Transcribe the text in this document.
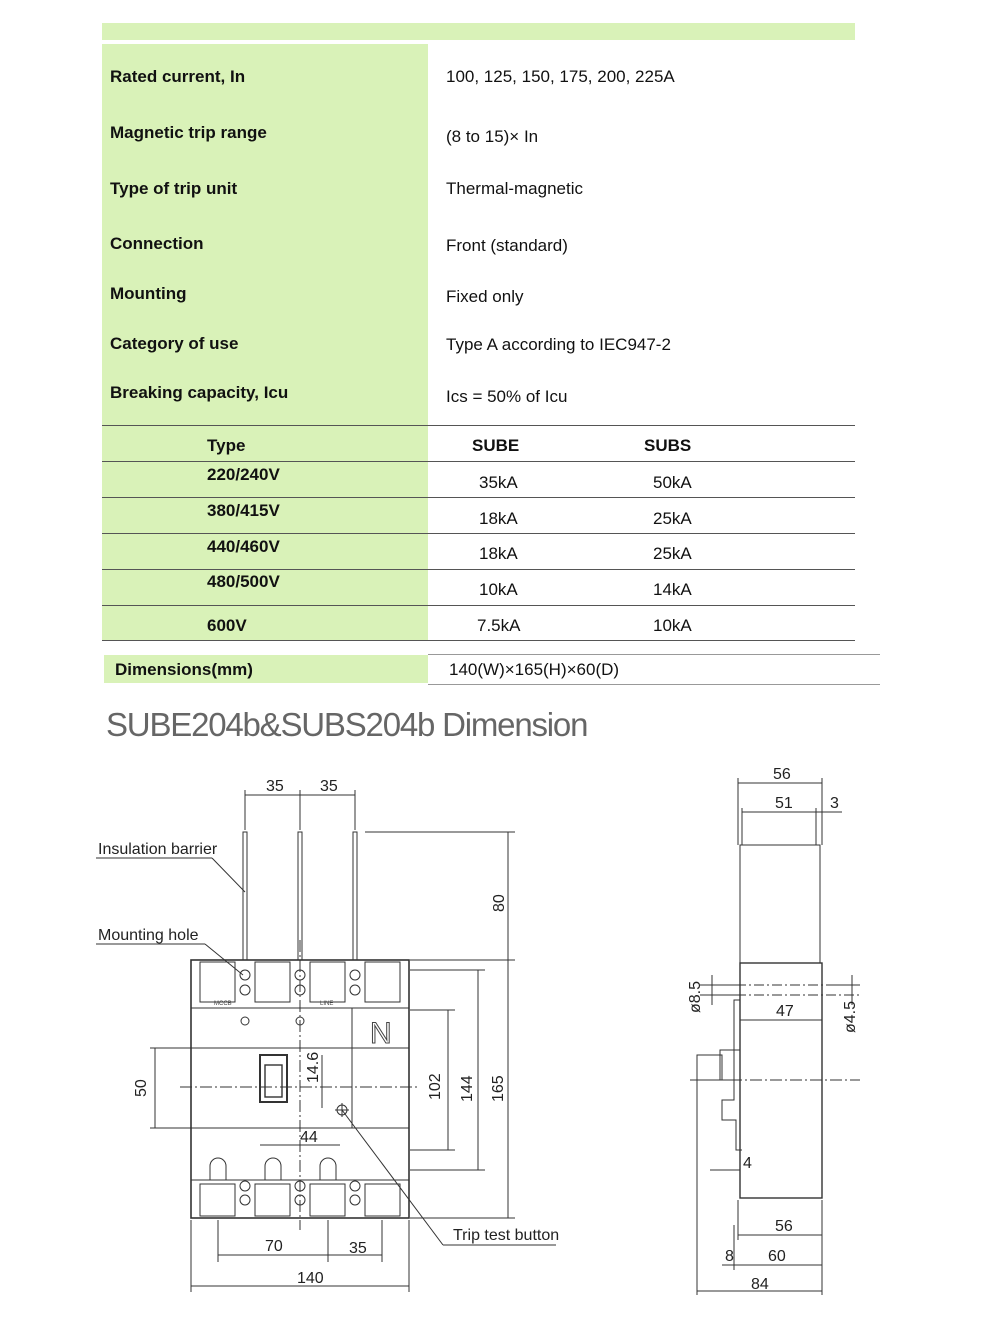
Rated current, In	100, 125, 150, 175, 200, 225A
Magnetic trip range	(8 to 15)× In
Type of trip unit	Thermal-magnetic
Connection	Front (standard)
Mounting	Fixed only
Category of use	Type A according to IEC947-2
Breaking capacity, Icu	Ics = 50% of Icu
Type	SUBE	SUBS
220/240V	35kA	50kA
380/415V	18kA	25kA
440/460V	18kA	25kA
480/500V	10kA	14kA
600V	7.5kA	10kA
Dimensions(mm)	140(W)×165(H)×60(D)
SUBE204b&SUBS204b Dimension
Insulation barrier
Mounting hole
Trip test button
35 35
80
50
14.6
44
102 144 165
70	35
140
MCCB	LINE
N
56
51 3
ø8.5
ø4.5
47
4
56
8 60
84
